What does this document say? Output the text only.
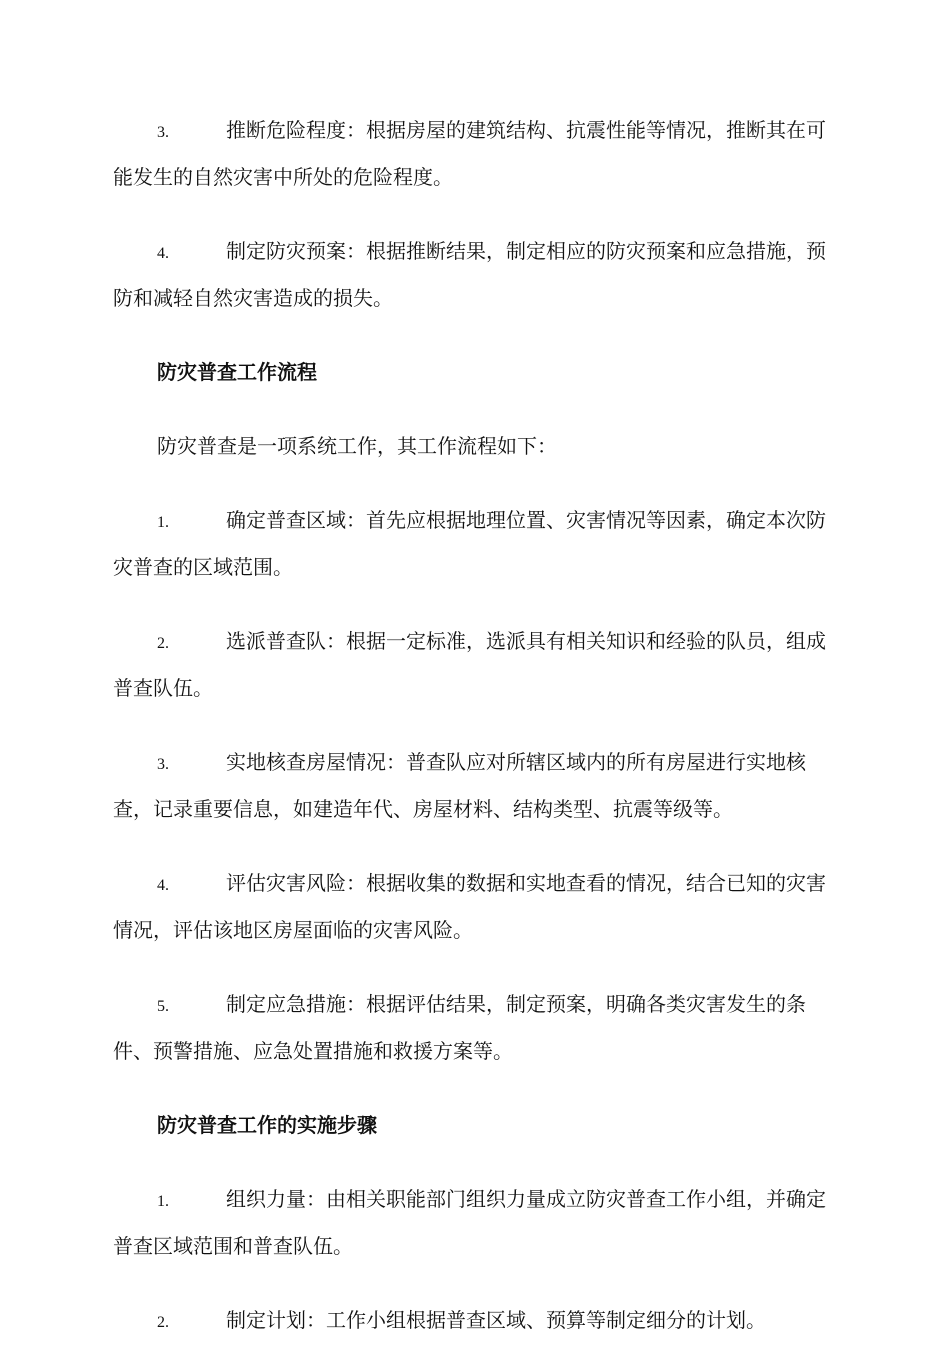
3.	推断危险程度：根据房屋的建筑结构、抗震性能等情况，推断其在可能发生的自然灾害中所处的危险程度。

4.	制定防灾预案：根据推断结果，制定相应的防灾预案和应急措施，预防和减轻自然灾害造成的损失。

防灾普查工作流程

防灾普查是一项系统工作，其工作流程如下：

1.	确定普查区域：首先应根据地理位置、灾害情况等因素，确定本次防灾普查的区域范围。

2.	选派普查队：根据一定标准，选派具有相关知识和经验的队员，组成普查队伍。

3.	实地核查房屋情况：普查队应对所辖区域内的所有房屋进行实地核查，记录重要信息，如建造年代、房屋材料、结构类型、抗震等级等。

4.	评估灾害风险：根据收集的数据和实地查看的情况，结合已知的灾害情况，评估该地区房屋面临的灾害风险。

5.	制定应急措施：根据评估结果，制定预案，明确各类灾害发生的条件、预警措施、应急处置措施和救援方案等。

防灾普查工作的实施步骤

1.	组织力量：由相关职能部门组织力量成立防灾普查工作小组，并确定普查区域范围和普查队伍。

2.	制定计划：工作小组根据普查区域、预算等制定细分的计划。
